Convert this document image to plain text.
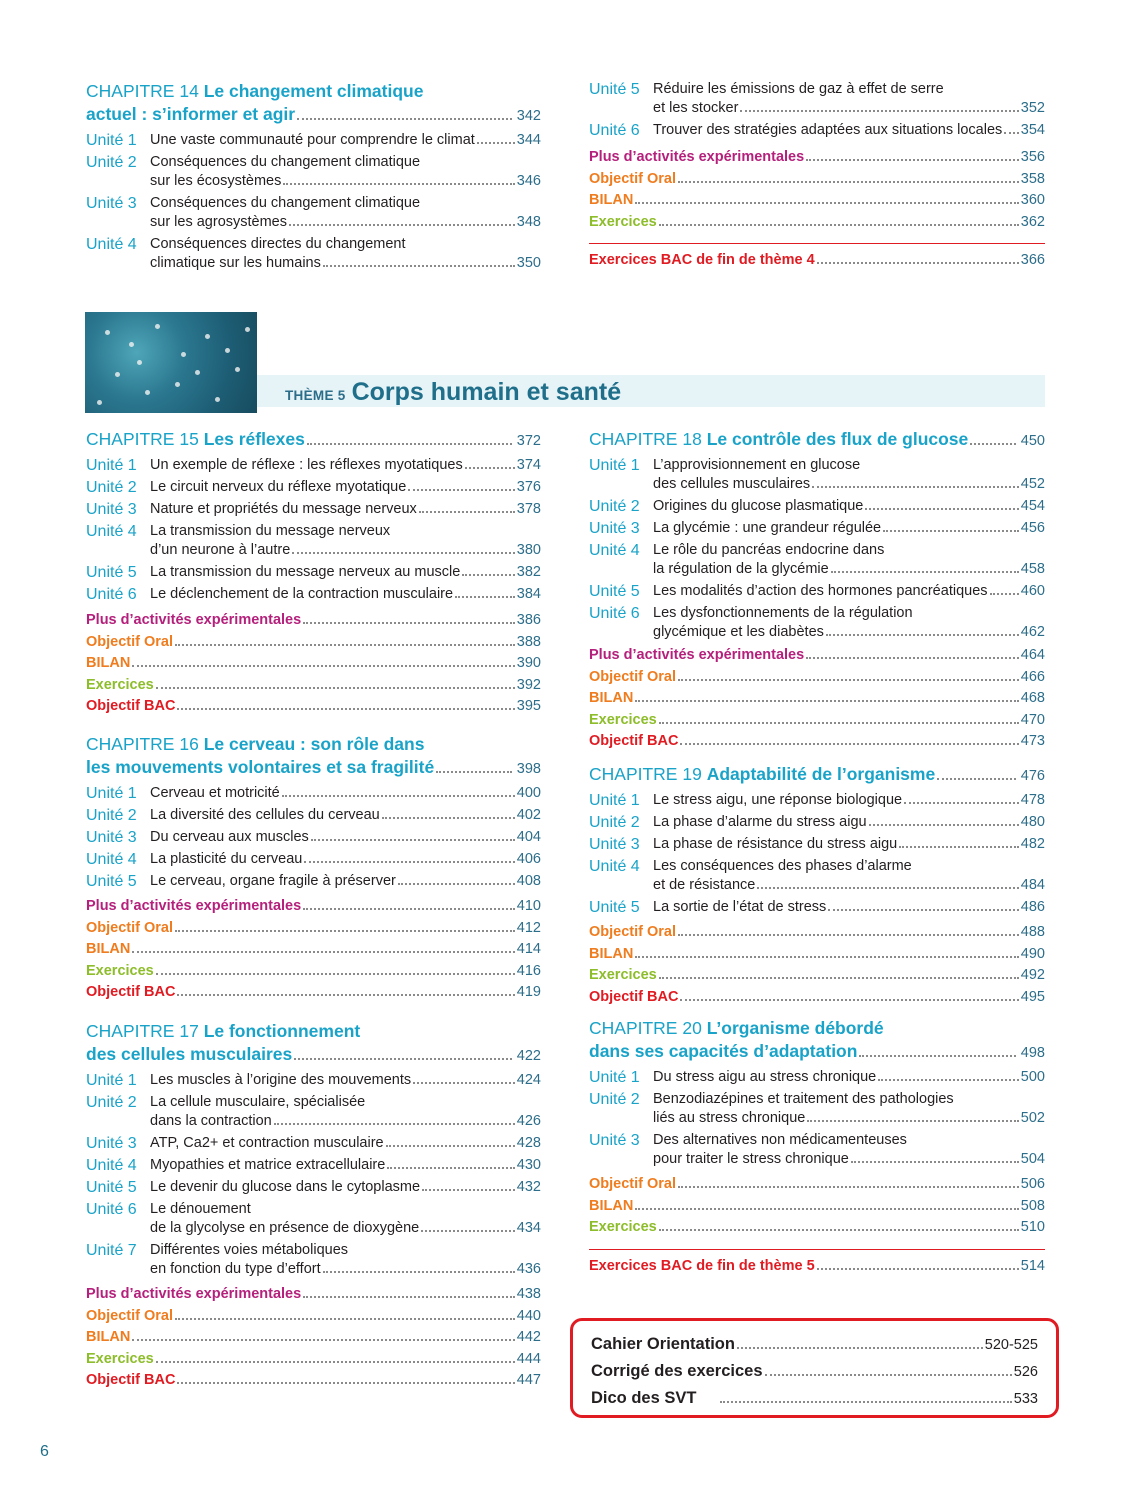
CHAPITRE 14 Le changement climatique
actuel : s’informer et agir	342
Unité 1 Une vaste communauté pour comprendre le climat	344
Unité 2 Conséquences du changement climatique
sur les écosystèmes	346
Unité 3 Conséquences du changement climatique
sur les agrosystèmes	348
Unité 4 Conséquences directes du changement
climatique sur les humains	350
Unité 5 Réduire les émissions de gaz à effet de serre
et les stocker	352
Unité 6 Trouver des stratégies adaptées aux situations locales 354
Plus d’activités expérimentales	356
Objectif Oral	358
BILAN	360
Exercices	362
Exercices BAC de fin de thème 4	366
THÈME 5 Corps humain et santé
CHAPITRE 15 Les réflexes	372
Unité 1 Un exemple de réflexe : les réflexes myotatiques	374
Unité 2 Le circuit nerveux du réflexe myotatique	376
Unité 3 Nature et propriétés du message nerveux	378
Unité 4 La transmission du message nerveux
d’un neurone à l’autre	380
Unité 5 La transmission du message nerveux au muscle	382
Unité 6 Le déclenchement de la contraction musculaire	384
Plus d’activités expérimentales	386
Objectif Oral	388
BILAN	390
Exercices	392
Objectif BAC	395
CHAPITRE 16 Le cerveau : son rôle dans
les mouvements volontaires et sa fragilité	398
Unité 1 Cerveau et motricité	400
Unité 2 La diversité des cellules du cerveau	402
Unité 3 Du cerveau aux muscles	404
Unité 4 La plasticité du cerveau	406
Unité 5 Le cerveau, organe fragile à préserver	408
Plus d’activités expérimentales	410
Objectif Oral	412
BILAN	414
Exercices	416
Objectif BAC	419
CHAPITRE 17 Le fonctionnement
des cellules musculaires	422
Unité 1 Les muscles à l’origine des mouvements	424
Unité 2 La cellule musculaire, spécialisée
dans la contraction	426
Unité 3 ATP, Ca2+ et contraction musculaire	428
Unité 4 Myopathies et matrice extracellulaire	430
Unité 5 Le devenir du glucose dans le cytoplasme	432
Unité 6 Le dénouement
de la glycolyse en présence de dioxygène	434
Unité 7 Différentes voies métaboliques
en fonction du type d’effort	436
Plus d’activités expérimentales	438
Objectif Oral	440
BILAN	442
Exercices	444
Objectif BAC	447
CHAPITRE 18 Le contrôle des flux de glucose	450
Unité 1 L’approvisionnement en glucose
des cellules musculaires	452
Unité 2 Origines du glucose plasmatique	454
Unité 3 La glycémie : une grandeur régulée	456
Unité 4 Le rôle du pancréas endocrine dans
la régulation de la glycémie	458
Unité 5 Les modalités d’action des hormones pancréatiques 460
Unité 6 Les dysfonctionnements de la régulation
glycémique et les diabètes	462
Plus d’activités expérimentales	464
Objectif Oral	466
BILAN	468
Exercices	470
Objectif BAC	473
CHAPITRE 19 Adaptabilité de l’organisme	476
Unité 1 Le stress aigu, une réponse biologique	478
Unité 2 La phase d’alarme du stress aigu	480
Unité 3 La phase de résistance du stress aigu	482
Unité 4 Les conséquences des phases d’alarme
et de résistance	484
Unité 5 La sortie de l’état de stress	486
Objectif Oral	488
BILAN	490
Exercices	492
Objectif BAC	495
CHAPITRE 20 L’organisme débordé
dans ses capacités d’adaptation	498
Unité 1 Du stress aigu au stress chronique	500
Unité 2 Benzodiazépines et traitement des pathologies
liés au stress chronique	502
Unité 3 Des alternatives non médicamenteuses
pour traiter le stress chronique	504
Objectif Oral	506
BILAN	508
Exercices	510
Exercices BAC de fin de thème 5	514
Cahier Orientation	520-525
Corrigé des exercices	526
Dico des SVT	533
6
